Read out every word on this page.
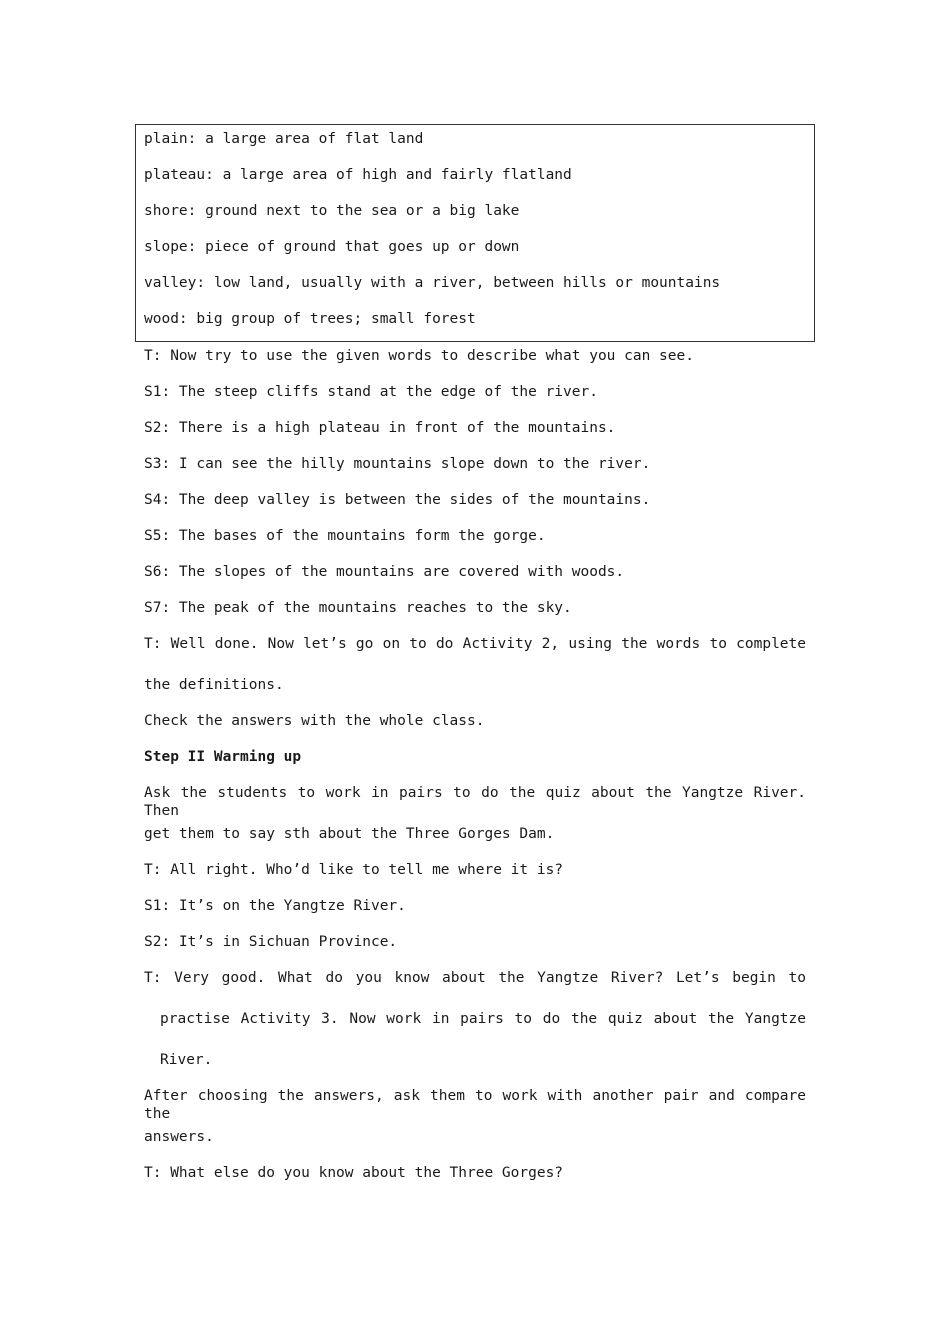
plain: a large area of flat land
plateau: a large area of high and fairly flatland
shore: ground next to the sea or a big lake
slope: piece of ground that goes up or down
valley: low land, usually with a river, between hills or mountains
wood: big group of trees; small forest
T: Now try to use the given words to describe what you can see.
S1: The steep cliffs stand at the edge of the river.
S2: There is a high plateau in front of the mountains.
S3: I can see the hilly mountains slope down to the river.
S4: The deep valley is between the sides of the mountains.
S5: The bases of the mountains form the gorge.
S6: The slopes of the mountains are covered with woods.
S7: The peak of the mountains reaches to the sky.
T: Well done. Now let’s go on to do Activity 2, using the words to complete
the definitions.
Check the answers with the whole class.
Step II Warming up
Ask the students to work in pairs to do the quiz about the Yangtze River. Then
get them to say sth about the Three Gorges Dam.
T: All right. Who’d like to tell me where it is?
S1: It’s on the Yangtze River.
S2: It’s in Sichuan Province.
T: Very good. What do you know about the Yangtze River? Let’s begin to
practise Activity 3. Now work in pairs to do the quiz about the Yangtze
River.
After choosing the answers, ask them to work with another pair and compare the
answers.
T: What else do you know about the Three Gorges?
